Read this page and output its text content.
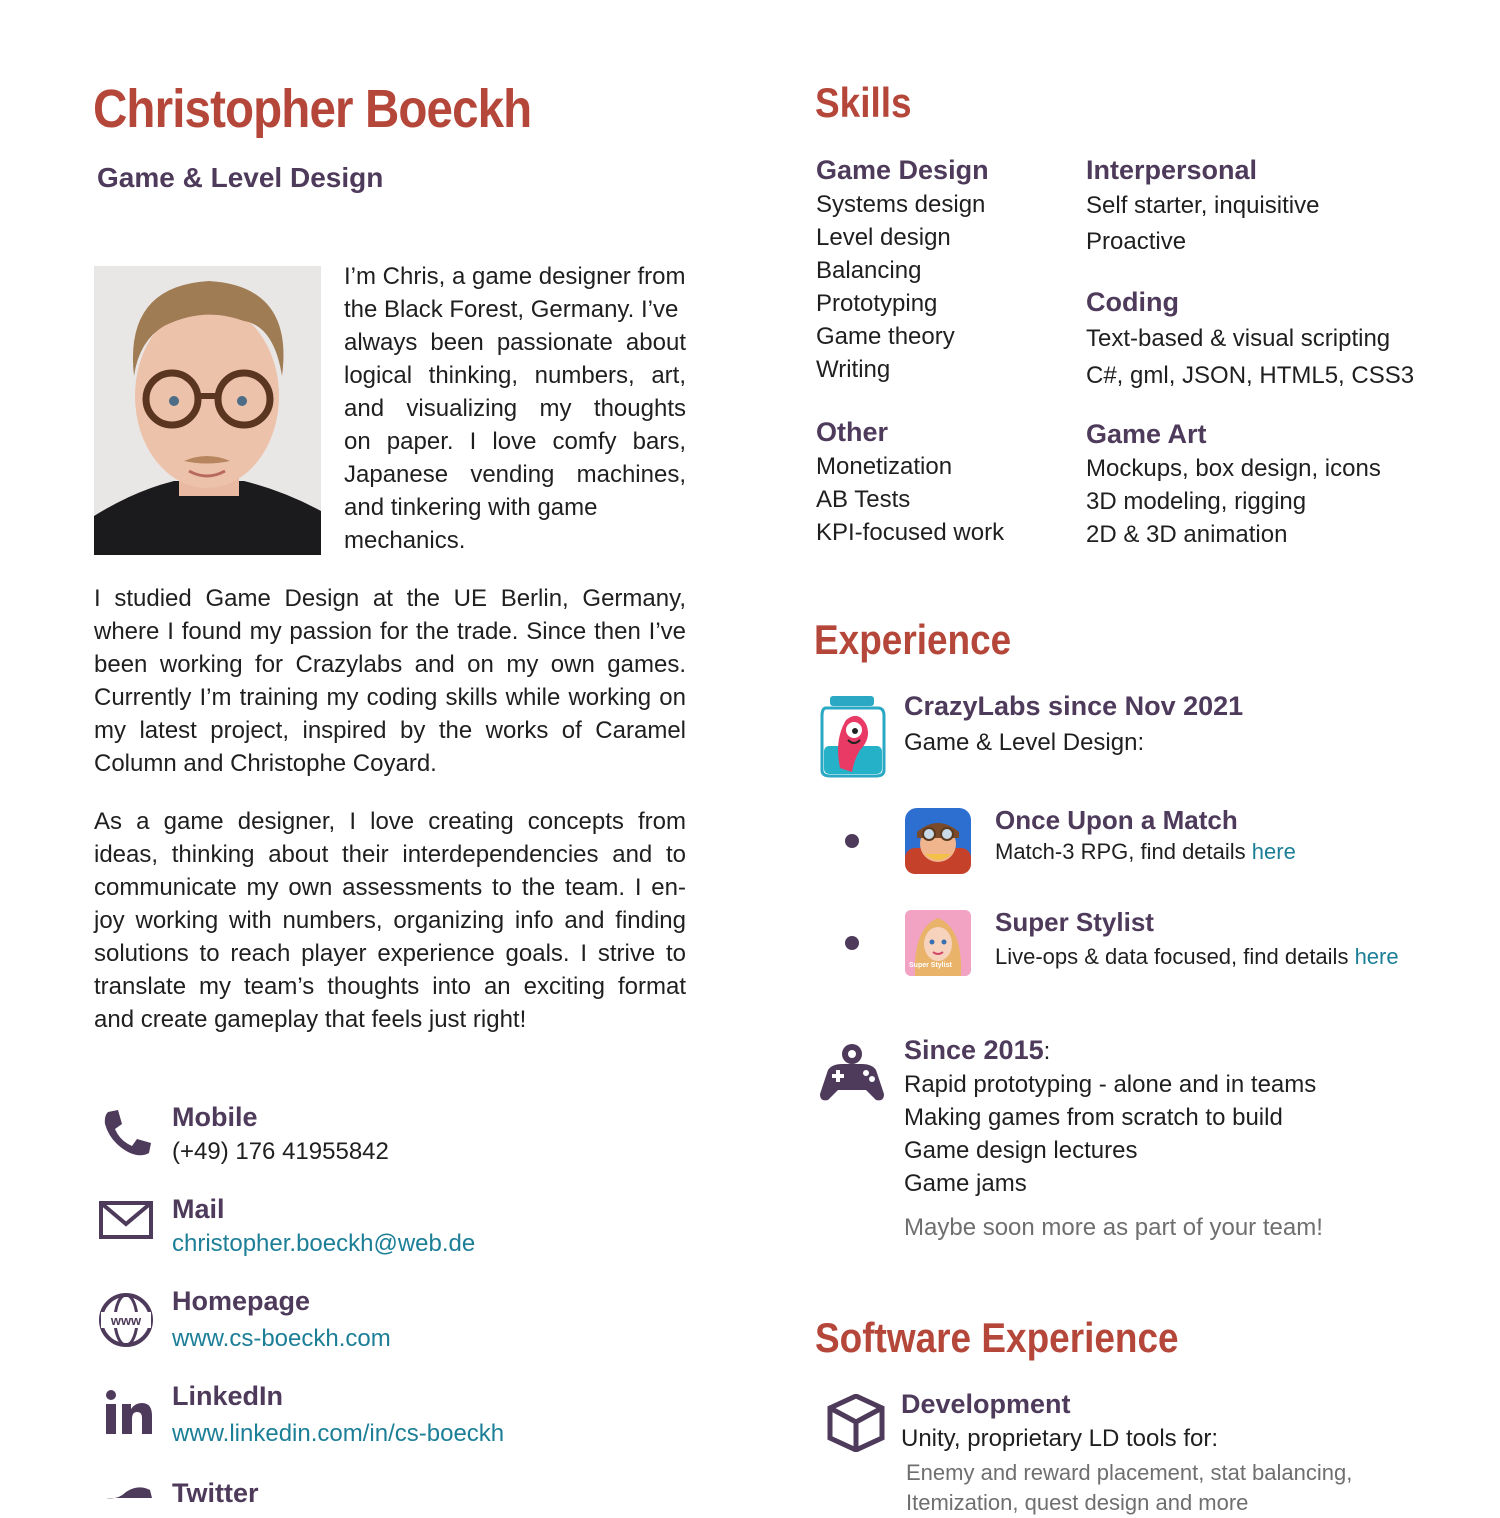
Christopher Boeckh
Game & Level Design
I’m Chris, a game designer from
the Black Forest, Germany. I’ve
always been passionate about
logical thinking, numbers, art,
and visualizing my thoughts
on paper. I love comfy bars,
Japanese vending machines,
and tinkering with game
mechanics.
I studied Game Design at the UE Berlin, Germany, where I found my passion for the trade. Since then I’ve been working for Crazylabs and on my own games. Currently I’m training my coding skills while working on my latest project, inspired by the works of Caramel Column and Christophe Coyard.
As a game designer, I love creating concepts from ideas, thinking about their interdependencies and to communicate my own assessments to the team. I en-joy working with numbers, organizing info and finding solutions to reach player experience goals. I strive to translate my team’s thoughts into an exciting format and create gameplay that feels just right!
Mobile
(+49) 176 41955842
Mail
christopher.boeckh@web.de
www
Homepage
www.cs-boeckh.com
LinkedIn
www.linkedin.com/in/cs-boeckh
Twitter
Skills
Game Design
Systems design
Level design
Balancing
Prototyping
Game theory
Writing
Other
Monetization
AB Tests
KPI-focused work
Interpersonal
Self starter, inquisitive
Proactive
Coding
Text-based & visual scripting
C#, gml, JSON, HTML5, CSS3
Game Art
Mockups, box design, icons
3D modeling, rigging
2D & 3D animation
Experience
CrazyLabs since Nov 2021
Game & Level Design:
Once Upon a Match
Match-3 RPG, find details here
Super Stylist
Super Stylist
Live-ops & data focused, find details here
Since 2015:
Rapid prototyping - alone and in teams
Making games from scratch to build
Game design lectures
Game jams
Maybe soon more as part of your team!
Software Experience
Development
Unity, proprietary LD tools for:
Enemy and reward placement, stat balancing,
Itemization, quest design and more
